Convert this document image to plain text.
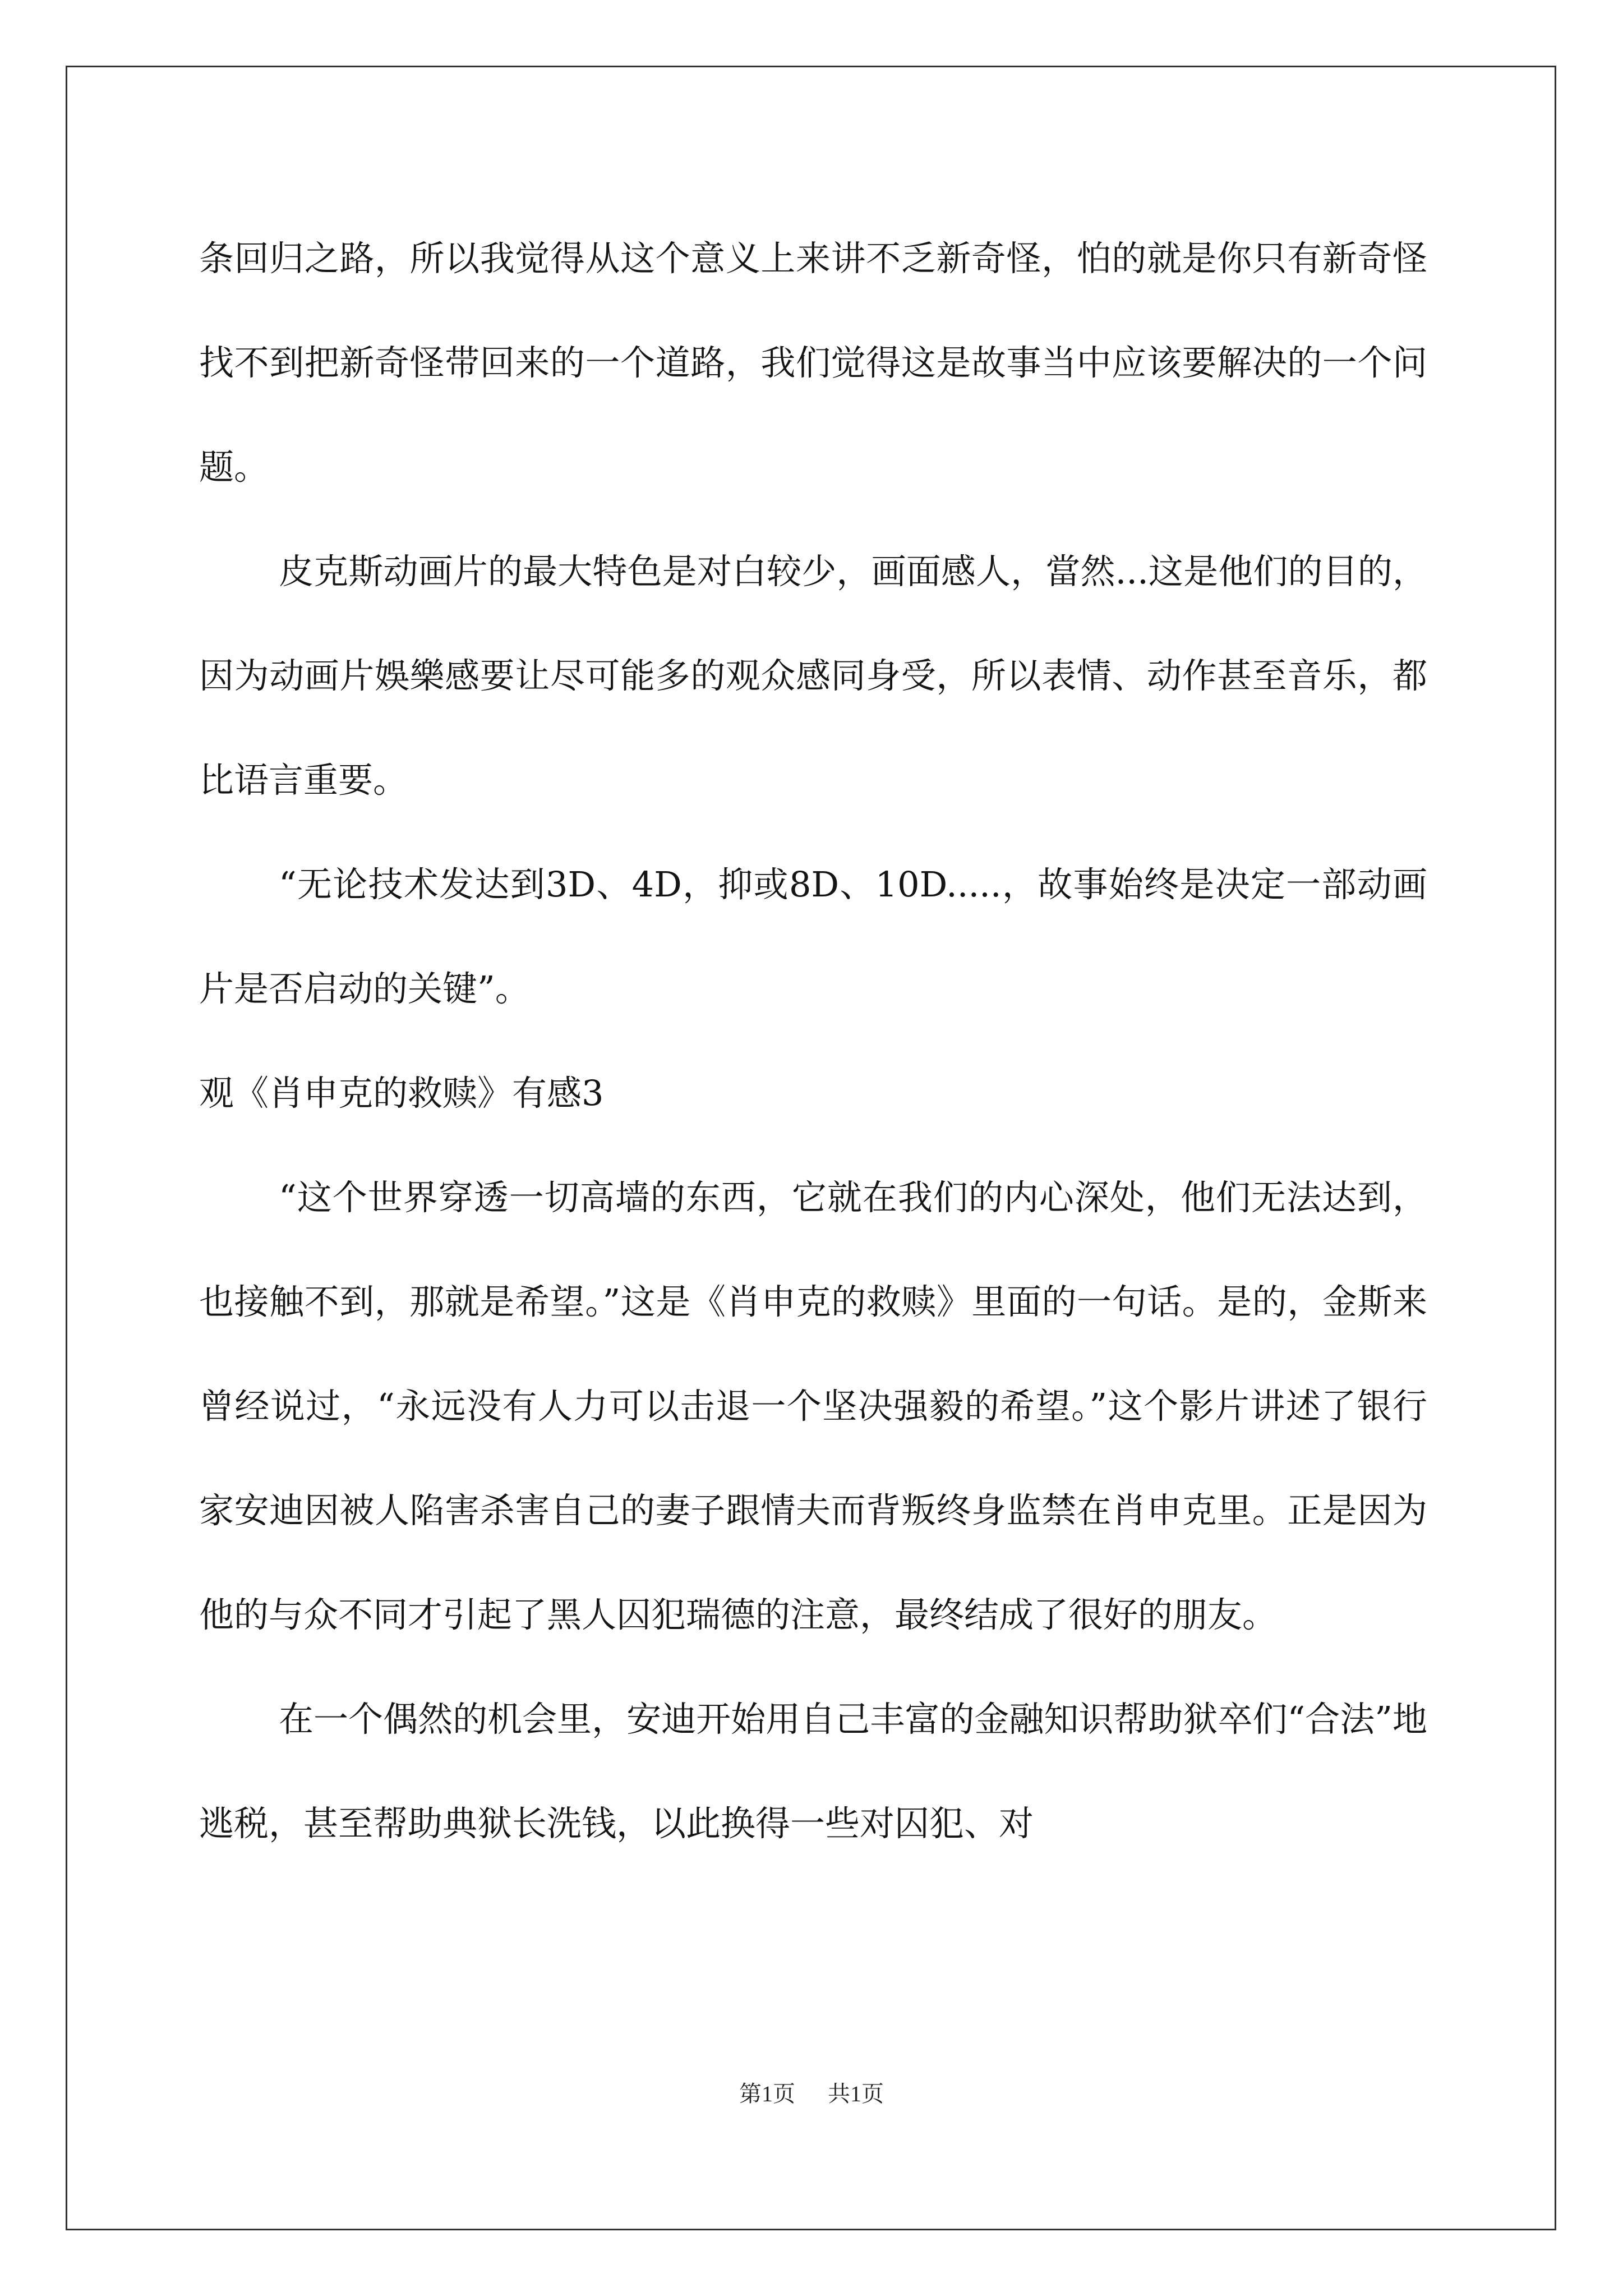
条回归之路，所以我觉得从这个意义上来讲不乏新奇怪，怕的就是你只有新奇怪找不到把新奇怪带回来的一个道路，我们觉得这是故事当中应该要解决的一个问题。

皮克斯动画片的最大特色是对白较少，画面感人，當然...这是他们的目的，因为动画片娛樂感要让尽可能多的观众感同身受，所以表情、动作甚至音乐，都比语言重要。

“无论技术发达到3D、4D，抑或8D、10D.....，故事始终是决定一部动画片是否启动的关键”。

观《肖申克的救赎》有感3

“这个世界穿透一切高墙的东西，它就在我们的内心深处，他们无法达到，也接触不到，那就是希望。”这是《肖申克的救赎》里面的一句话。是的，金斯来曾经说过，“永远没有人力可以击退一个坚决强毅的希望。”这个影片讲述了银行家安迪因被人陷害杀害自己的妻子跟情夫而背叛终身监禁在肖申克里。正是因为他的与众不同才引起了黑人囚犯瑞德的注意，最终结成了很好的朋友。

在一个偶然的机会里，安迪开始用自己丰富的金融知识帮助狱卒们“合法”地逃税，甚至帮助典狱长洗钱，以此换得一些对囚犯、对

第1页 共1页
